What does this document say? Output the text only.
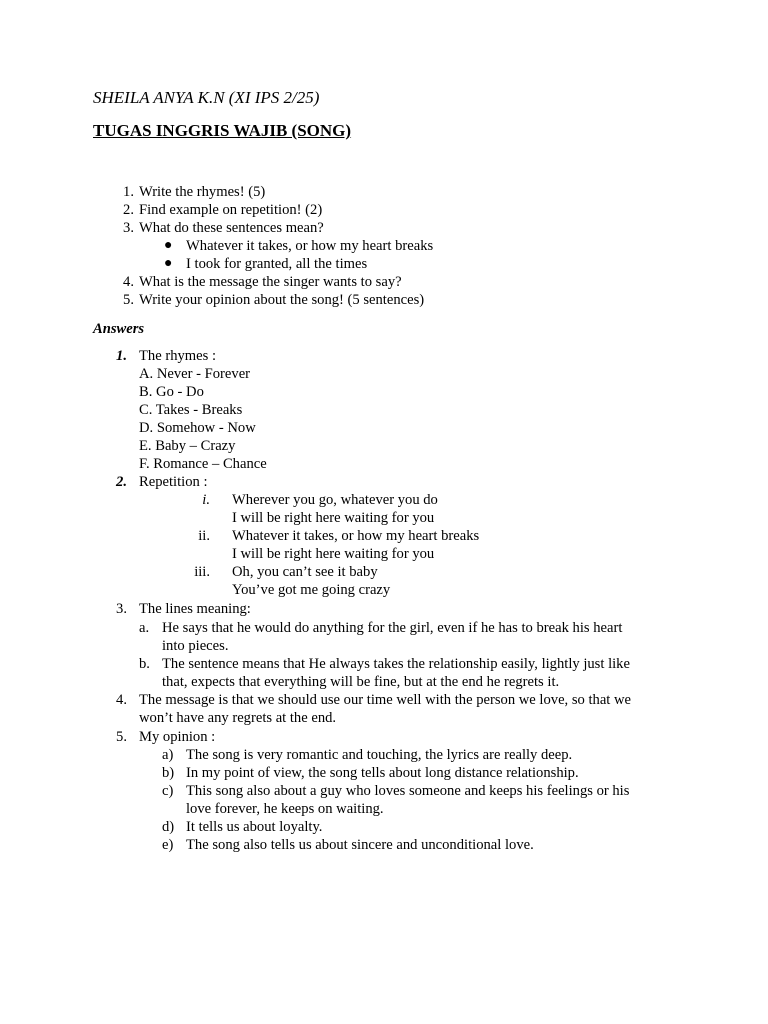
SHEILA ANYA K.N (XI IPS 2/25)
TUGAS INGGRIS WAJIB (SONG)
1. Write the rhymes! (5)
2. Find example on repetition! (2)
3. What do these sentences mean?
● Whatever it takes, or how my heart breaks
● I took for granted, all the times
4. What is the message the singer wants to say?
5. Write your opinion about the song! (5 sentences)
Answers
1. The rhymes :
A. Never - Forever
B. Go - Do
C. Takes - Breaks
D. Somehow - Now
E. Baby – Crazy
F. Romance – Chance
2. Repetition :
i. Wherever you go, whatever you do
I will be right here waiting for you
ii. Whatever it takes, or how my heart breaks
I will be right here waiting for you
iii. Oh, you can’t see it baby
You’ve got me going crazy
3. The lines meaning:
a. He says that he would do anything for the girl, even if he has to break his heart
into pieces.
b. The sentence means that He always takes the relationship easily, lightly just like
that, expects that everything will be fine, but at the end he regrets it.
4. The message is that we should use our time well with the person we love, so that we
won’t have any regrets at the end.
5. My opinion :
a) The song is very romantic and touching, the lyrics are really deep.
b) In my point of view, the song tells about long distance relationship.
c) This song also about a guy who loves someone and keeps his feelings or his
love forever, he keeps on waiting.
d) It tells us about loyalty.
e) The song also tells us about sincere and unconditional love.
